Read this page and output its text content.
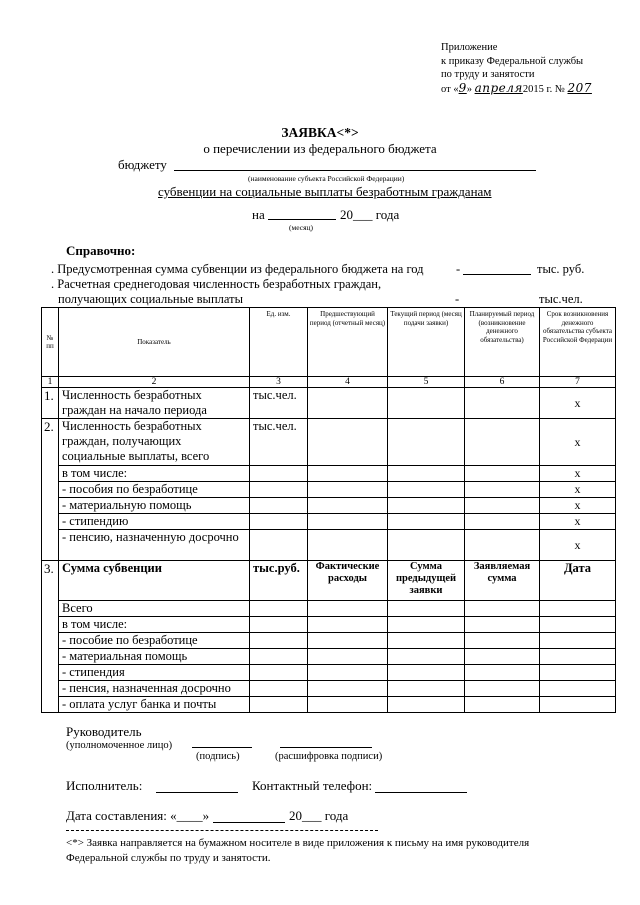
Приложение
к приказу Федеральной службы
по труду и занятости
от «9» апреля2015 г. № 207
ЗАЯВКА<*>
о перечислении из федерального бюджета
бюджету
(наименование субъекта Российской Федерации)
субвенции на социальные выплаты безработным гражданам
на	20___ года
(месяц)
Справочно:
. Предусмотренная сумма субвенции из федерального бюджета на год	-	тыс. руб.
. Расчетная среднегодовая численность безработных граждан,
получающих социальные выплаты	-	тыс.чел.
№ пп	Показатель	Ед. изм.	Предшествующий период (отчетный месяц)	Текущий период (месяц подачи заявки)	Планируемый период (возникновение денежного обязательства)	Срок возникновения денежного обязательства субъекта Российской Федерации
1	2	3	4	5	6	7
1.	Численность безработных граждан на начало периода	тыс.чел.				х
2.	Численность безработных граждан, получающих социальные выплаты, всего	тыс.чел.				х
	в том числе:					х
	- пособия по безработице					х
	- материальную помощь					х
	- стипендию					х
	- пенсию, назначенную досрочно					х
3.	Сумма субвенции	тыс.руб.	Фактические расходы	Сумма предыдущей заявки	Заявляемая сумма	Дата
	Всего					
	в том числе:					
	- пособие по безработице					
	- материальная помощь					
	- стипендия					
	- пенсия, назначенная досрочно					
	- оплата услуг банка и почты					
Руководитель
(уполномоченное лицо)
(подпись)	(расшифровка подписи)
Исполнитель:	Контактный телефон:
Дата составления: «____»	20___ года
<*> Заявка направляется на бумажном носителе в виде приложения к письму на имя руководителя
Федеральной службы по труду и занятости.
